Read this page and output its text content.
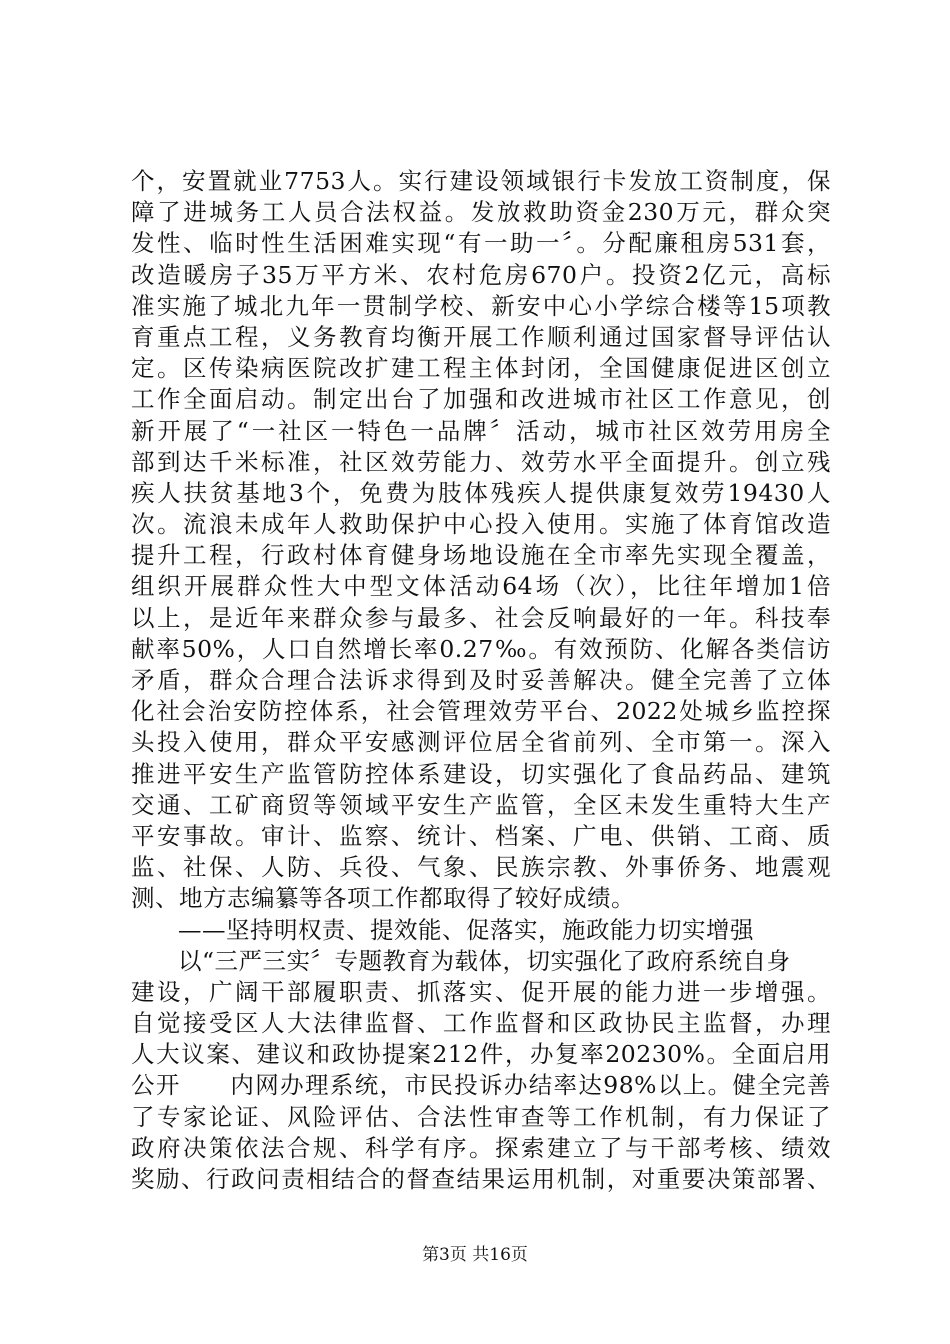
个，安置就业7753人。实行建设领域银行卡发放工资制度，保
障了进城务工人员合法权益。发放救助资金230万元，群众突
发性、临时性生活困难实现“有一助一〞。分配廉租房531套，
改造暖房子35万平方米、农村危房670户。投资2亿元，高标
准实施了城北九年一贯制学校、新安中心小学综合楼等15项教
育重点工程，义务教育均衡开展工作顺利通过国家督导评估认
定。区传染病医院改扩建工程主体封闭，全国健康促进区创立
工作全面启动。制定出台了加强和改进城市社区工作意见，创
新开展了“一社区一特色一品牌〞活动，城市社区效劳用房全
部到达千米标准，社区效劳能力、效劳水平全面提升。创立残
疾人扶贫基地3个，免费为肢体残疾人提供康复效劳19430人
次。流浪未成年人救助保护中心投入使用。实施了体育馆改造
提升工程，行政村体育健身场地设施在全市率先实现全覆盖，
组织开展群众性大中型文体活动64场（次），比往年增加1倍
以上，是近年来群众参与最多、社会反响最好的一年。科技奉
献率50%，人口自然增长率0.27‰。有效预防、化解各类信访
矛盾，群众合理合法诉求得到及时妥善解决。健全完善了立体
化社会治安防控体系，社会管理效劳平台、2022处城乡监控探
头投入使用，群众平安感测评位居全省前列、全市第一。深入
推进平安生产监管防控体系建设，切实强化了食品药品、建筑
交通、工矿商贸等领域平安生产监管，全区未发生重特大生产
平安事故。审计、监察、统计、档案、广电、供销、工商、质
监、社保、人防、兵役、气象、民族宗教、外事侨务、地震观
测、地方志编纂等各项工作都取得了较好成绩。
——坚持明权责、提效能、促落实，施政能力切实增强
以“三严三实〞专题教育为载体，切实强化了政府系统自身
建设，广阔干部履职责、抓落实、促开展的能力进一步增强。
自觉接受区人大法律监督、工作监督和区政协民主监督，办理
人大议案、建议和政协提案212件，办复率20230%。全面启用
公开　　内网办理系统，市民投诉办结率达98%以上。健全完善
了专家论证、风险评估、合法性审查等工作机制，有力保证了
政府决策依法合规、科学有序。探索建立了与干部考核、绩效
奖励、行政问责相结合的督查结果运用机制，对重要决策部署、
第3页 共16页
